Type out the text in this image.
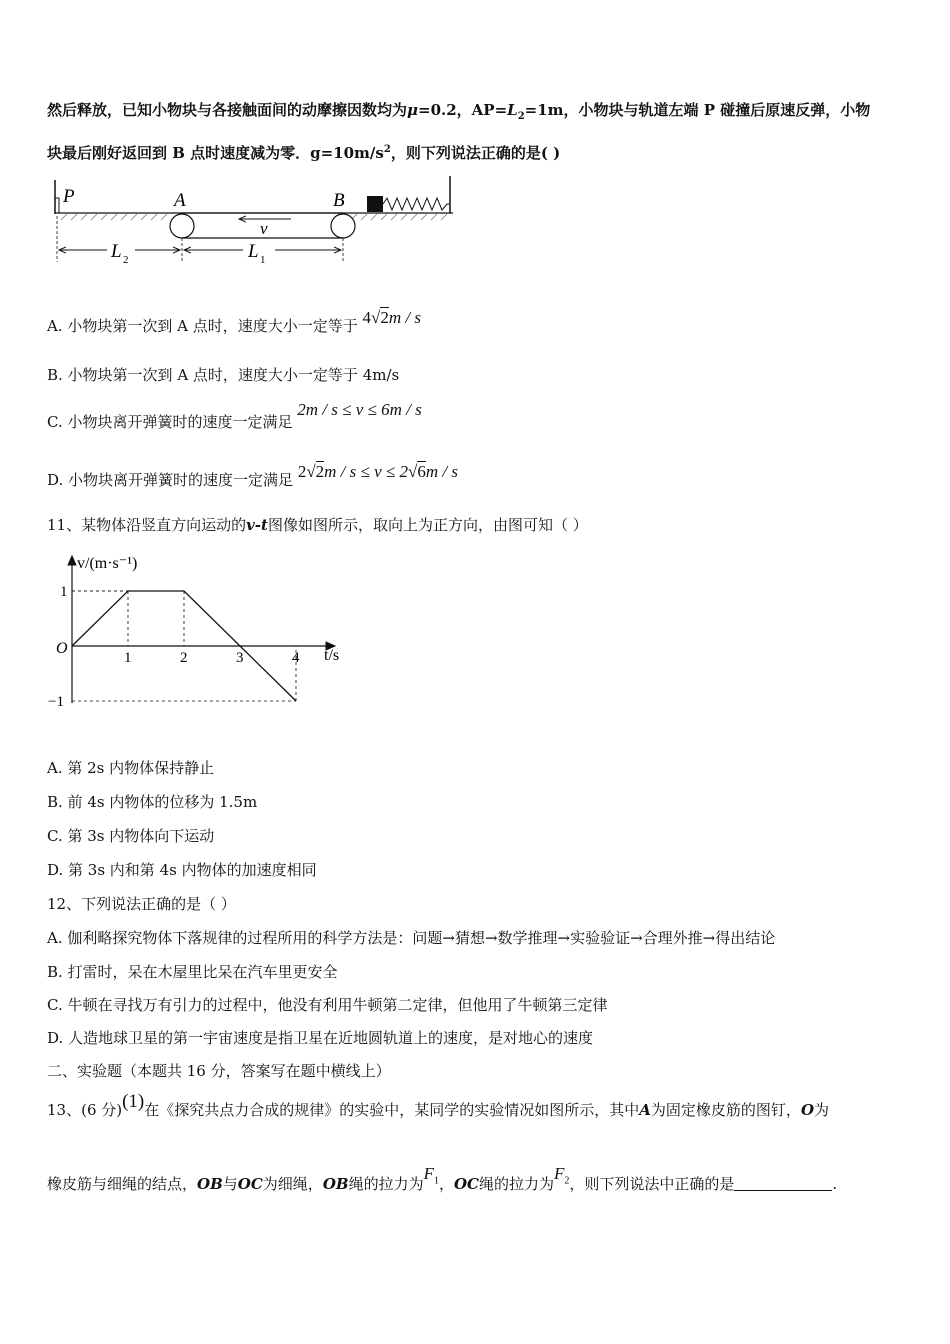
然后释放，已知小物块与各接触面间的动摩擦因数均为μ=0.2，$AP=L_2=1m$，小物块与轨道左端 P 碰撞后原速反弹，小物
块最后刚好返回到 B 点时速度减为零．$g=10m/s^2$，则下列说法正确的是( )
v
P	A	B
L 2	L 1
A. 小物块第一次到 A 点时，速度大小一定等于 4√2m / s
B. 小物块第一次到 A 点时，速度大小一定等于 4m/s
C. 小物块离开弹簧时的速度一定满足 2m / s ≤ v ≤ 6m / s
D. 小物块离开弹簧时的速度一定满足 2√2m / s ≤ v ≤ 2√6m / s
11、某物体沿竖直方向运动的v-t图像如图所示，取向上为正方向，由图可知（ ）
v/(m·s⁻¹)
t/s
O
1	2	3	4
1
−1
A. 第 2s 内物体保持静止
B. 前 4s 内物体的位移为 1.5m
C. 第 3s 内物体向下运动
D. 第 3s 内和第 4s 内物体的加速度相同
12、下列说法正确的是（ ）
A. 伽利略探究物体下落规律的过程所用的科学方法是：问题→猜想→数学推理→实验验证→合理外推→得出结论
B. 打雷时，呆在木屋里比呆在汽车里更安全
C. 牛顿在寻找万有引力的过程中，他没有利用牛顿第二定律，但他用了牛顿第三定律
D. 人造地球卫星的第一宇宙速度是指卫星在近地圆轨道上的速度，是对地心的速度
二、实验题（本题共 16 分，答案写在题中横线上）
13、(6 分)(1)在《探究共点力合成的规律》的实验中，某同学的实验情况如图所示，其中A为固定橡皮筋的图钉，O为
橡皮筋与细绳的结点，OB与OC为细绳，OB绳的拉力为$F_1$，OC绳的拉力为$F_2$，则下列说法中正确的是	.
